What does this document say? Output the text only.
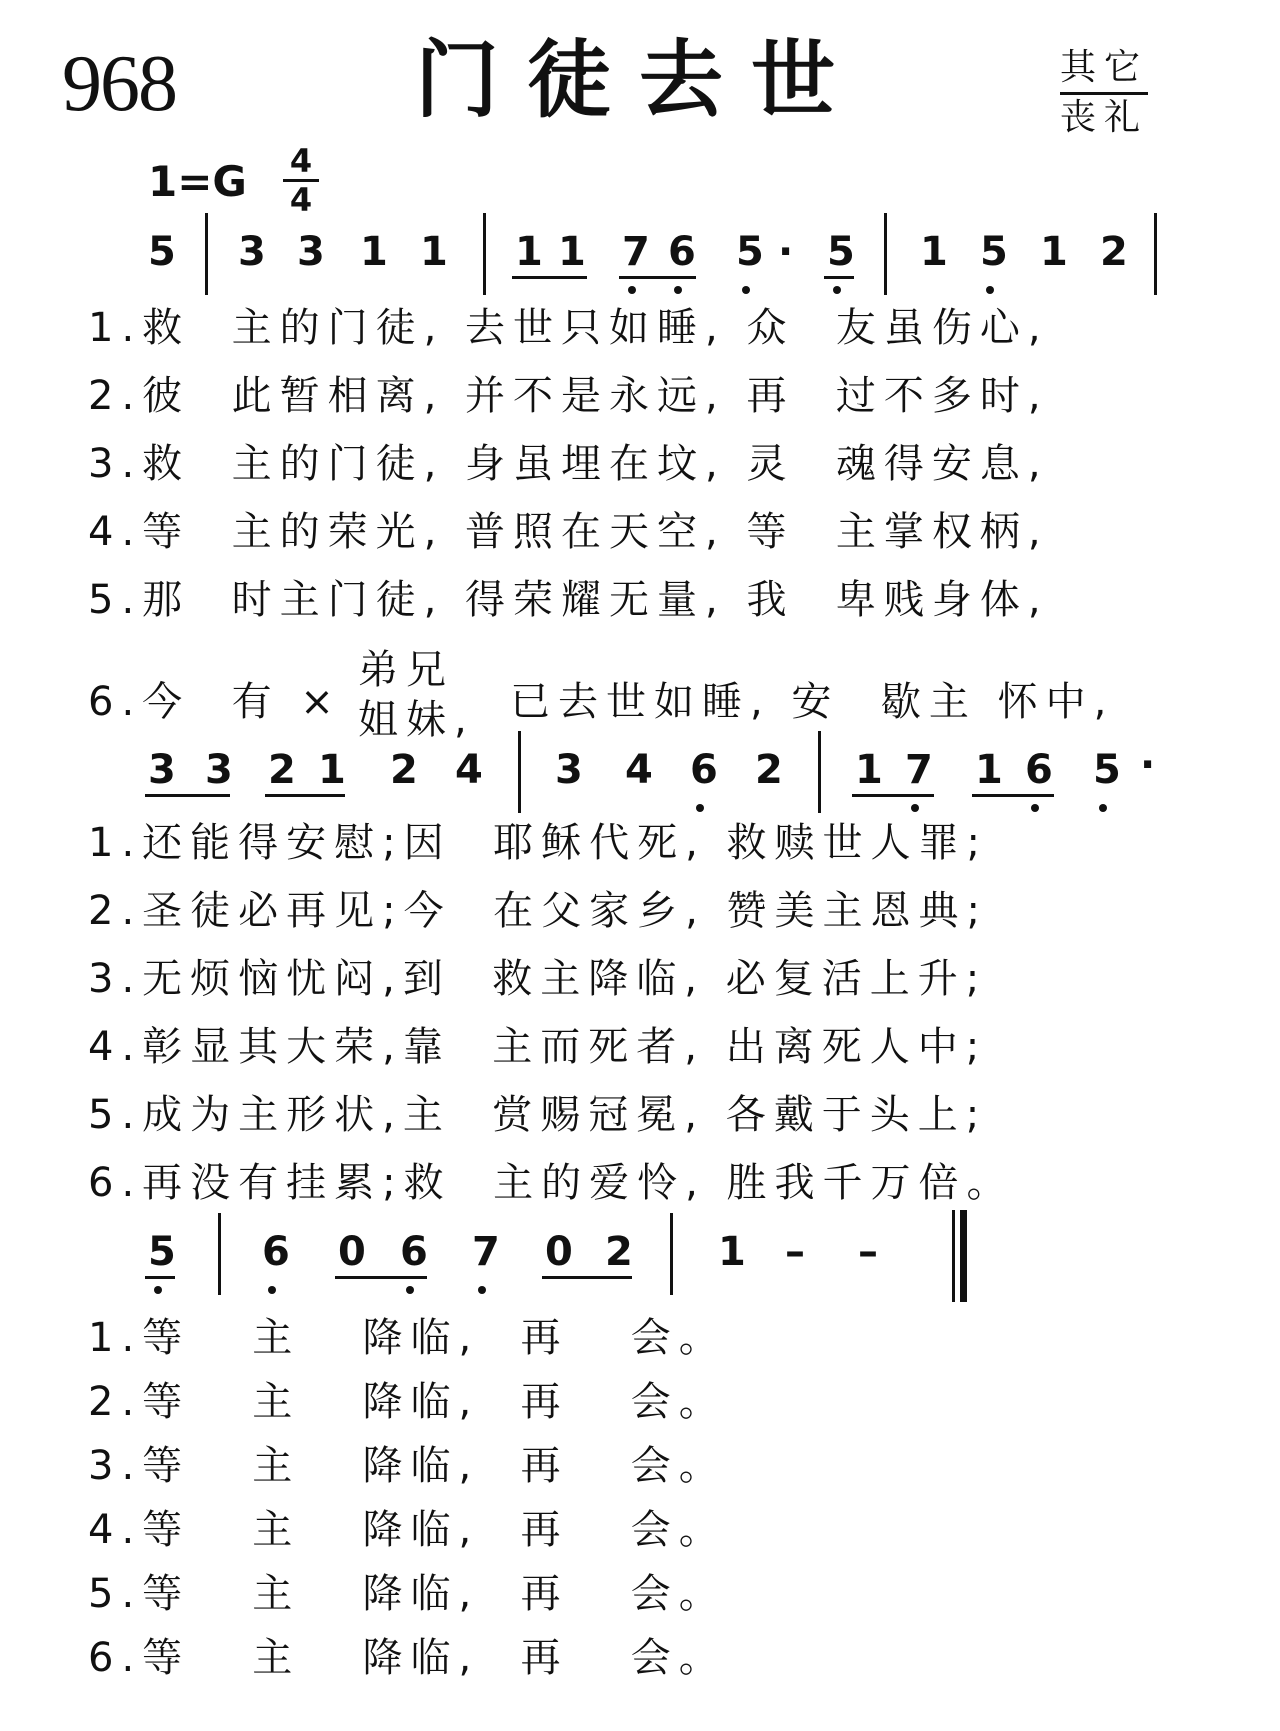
968	门徒去世	其它
丧礼
$1=G \frac{4}{4}$
5 3 3 1 1 1 1 7 6 5 · 5 1 5 1 2
1.救  主的门徒, 去世只如睡, 众  友虽伤心,
2.彼  此暂相离, 并不是永远, 再  过不多时,
3.救  主的门徒, 身虽埋在坟, 灵  魂得安息,
4.等  主的荣光, 普照在天空, 等  主掌权柄,
5.那  时主门徒, 得荣耀无量, 我  卑贱身体,
6.今  有 ×
弟兄
姐妹, 已去世如睡, 安  歇主 怀中,
3 3 2 1 2 4 3 4 6 2 1 7 1 6 5 ·
1.还能得安慰;因  耶稣代死, 救赎世人罪;
2.圣徒必再见;今  在父家乡, 赞美主恩典;
3.无烦恼忧闷,到  救主降临, 必复活上升;
4.彰显其大荣,靠  主而死者, 出离死人中;
5.成为主形状,主  赏赐冠冕, 各戴于头上;
6.再没有挂累;救  主的爱怜, 胜我千万倍。
5 6 0 6 7 0 2 1 – –
1.等   主   降临,  再   会。
2.等   主   降临,  再   会。
3.等   主   降临,  再   会。
4.等   主   降临,  再   会。
5.等   主   降临,  再   会。
6.等   主   降临,  再   会。
